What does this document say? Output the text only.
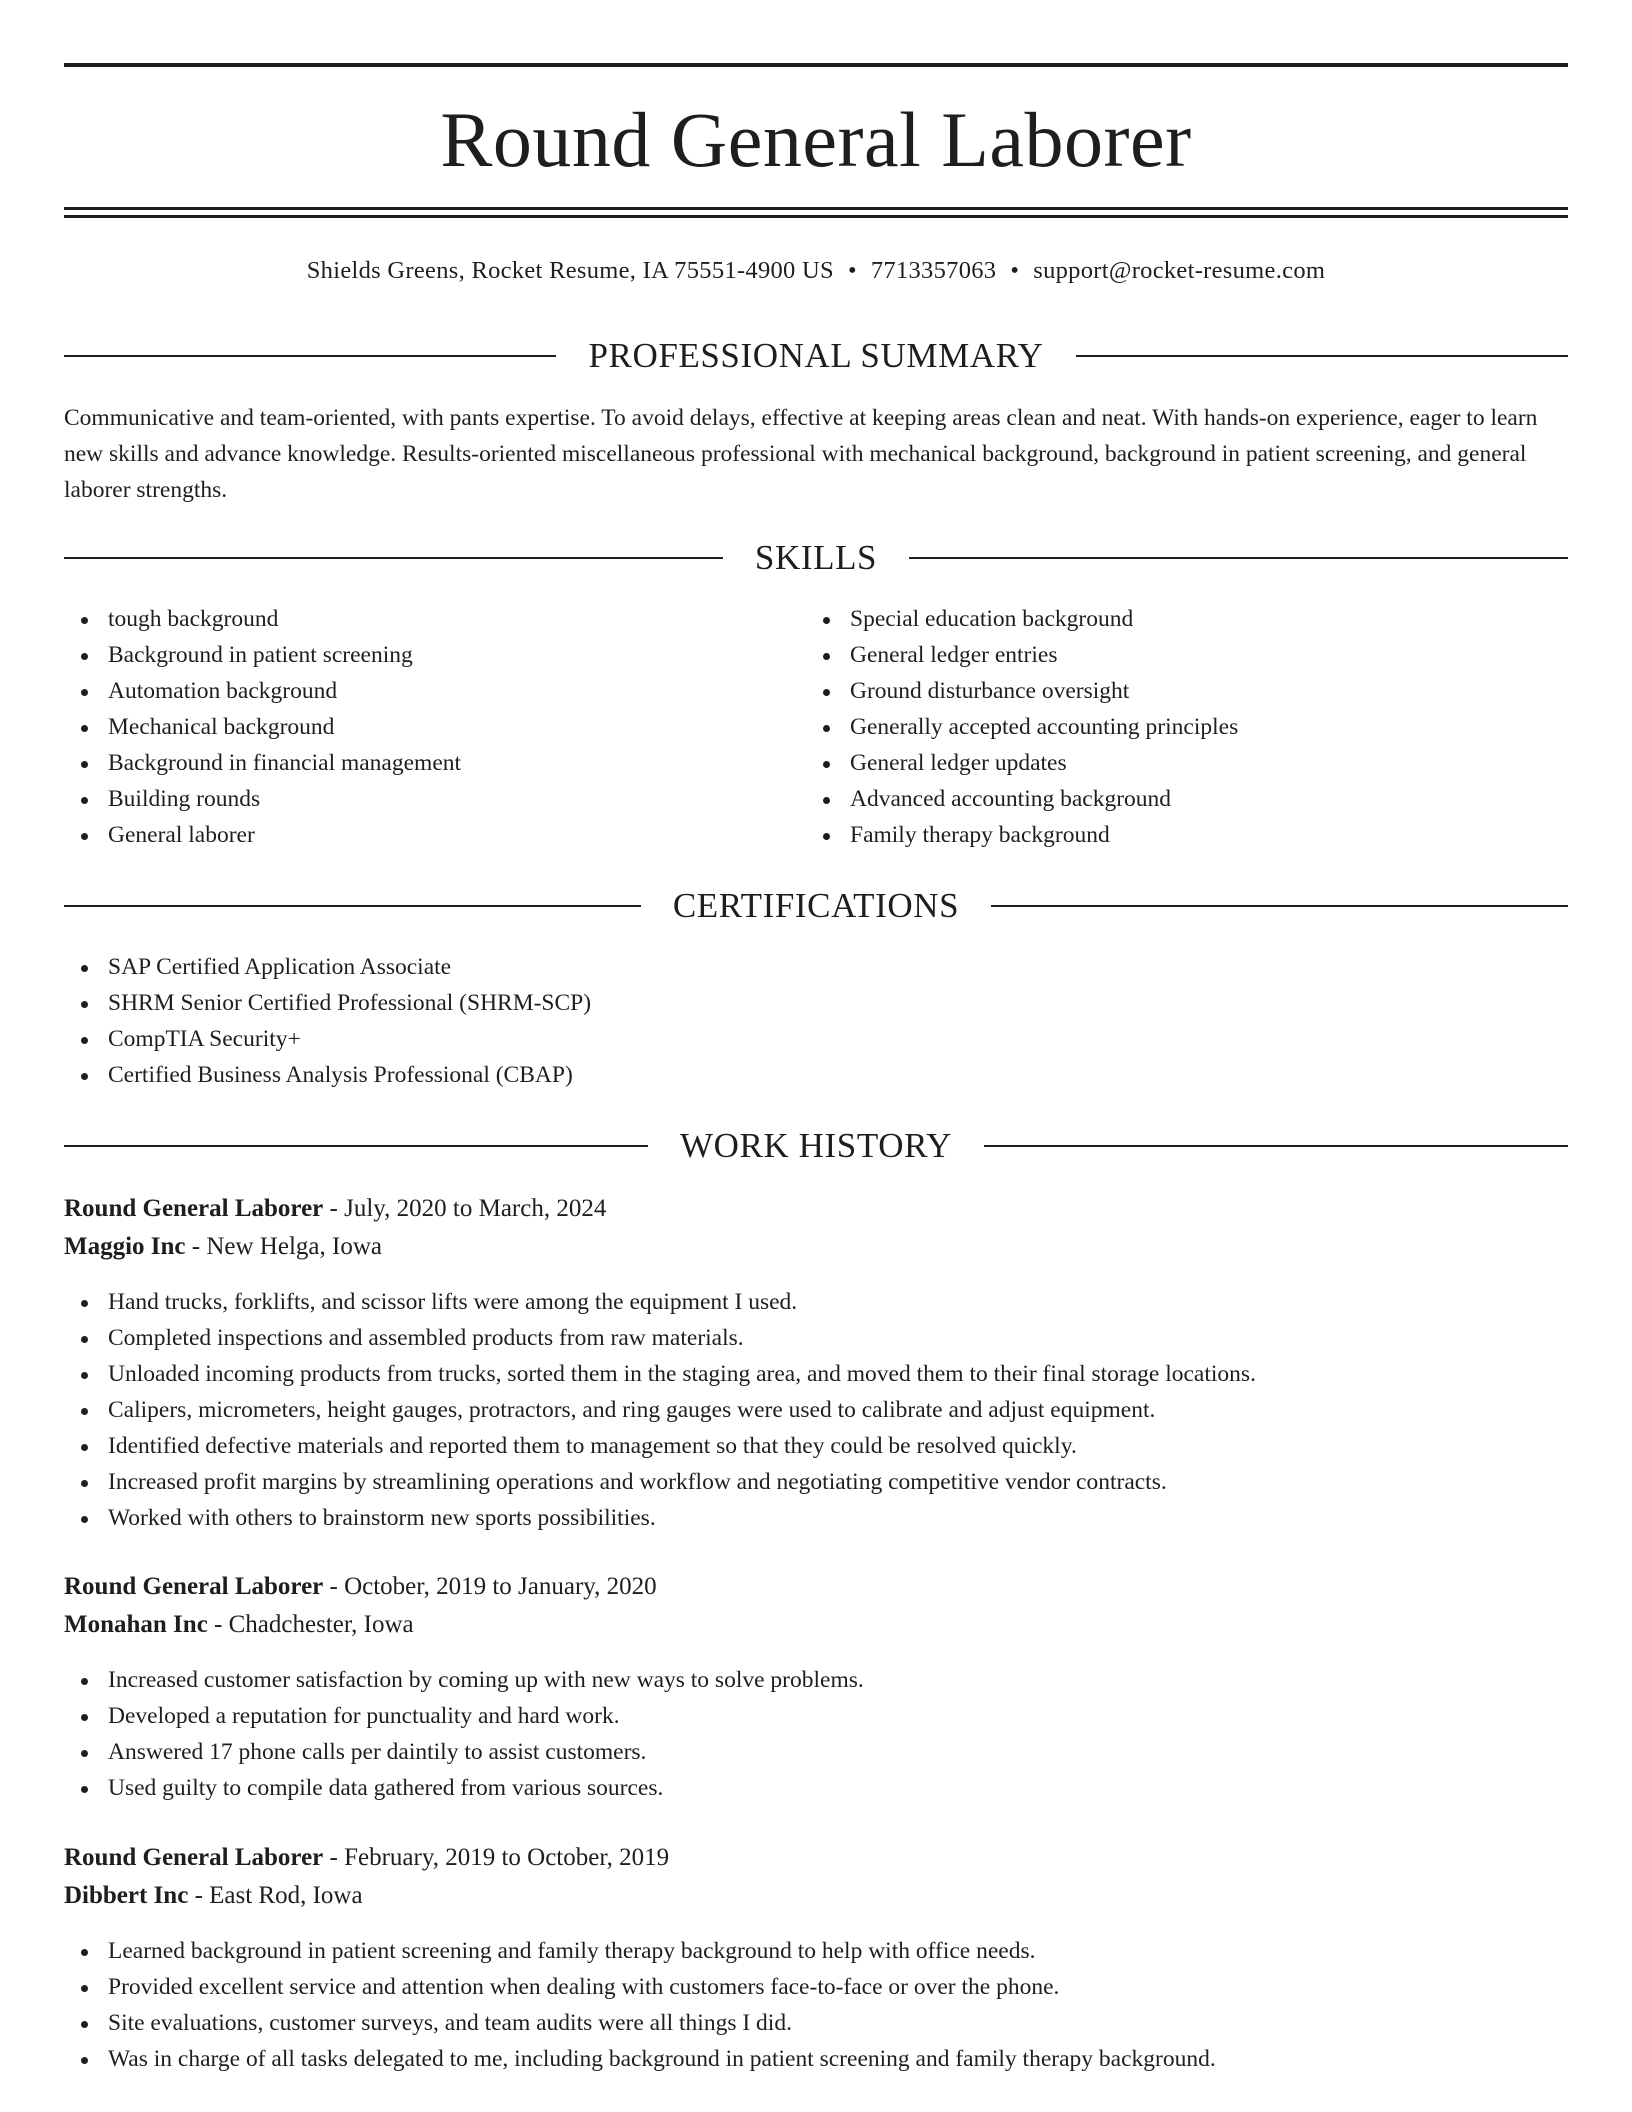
Round General Laborer
Shields Greens, Rocket Resume, IA 75551-4900 US • 7713357063 • support@rocket-resume.com
PROFESSIONAL SUMMARY

Communicative and team-oriented, with pants expertise. To avoid delays, effective at keeping areas clean and neat. With hands-on experience, eager to learn new skills and advance knowledge. Results-oriented miscellaneous professional with mechanical background, background in patient screening, and general laborer strengths.

SKILLS
tough background
Background in patient screening
Automation background
Mechanical background
Background in financial management
Building rounds
General laborer
Special education background
General ledger entries
Ground disturbance oversight
Generally accepted accounting principles
General ledger updates
Advanced accounting background
Family therapy background
CERTIFICATIONS
SAP Certified Application Associate
SHRM Senior Certified Professional (SHRM-SCP)
CompTIA Security+
Certified Business Analysis Professional (CBAP)
WORK HISTORY
Round General Laborer - July, 2020 to March, 2024
Maggio Inc - New Helga, Iowa
Hand trucks, forklifts, and scissor lifts were among the equipment I used.
Completed inspections and assembled products from raw materials.
Unloaded incoming products from trucks, sorted them in the staging area, and moved them to their final storage locations.
Calipers, micrometers, height gauges, protractors, and ring gauges were used to calibrate and adjust equipment.
Identified defective materials and reported them to management so that they could be resolved quickly.
Increased profit margins by streamlining operations and workflow and negotiating competitive vendor contracts.
Worked with others to brainstorm new sports possibilities.
Round General Laborer - October, 2019 to January, 2020
Monahan Inc - Chadchester, Iowa
Increased customer satisfaction by coming up with new ways to solve problems.
Developed a reputation for punctuality and hard work.
Answered 17 phone calls per daintily to assist customers.
Used guilty to compile data gathered from various sources.
Round General Laborer - February, 2019 to October, 2019
Dibbert Inc - East Rod, Iowa
Learned background in patient screening and family therapy background to help with office needs.
Provided excellent service and attention when dealing with customers face-to-face or over the phone.
Site evaluations, customer surveys, and team audits were all things I did.
Was in charge of all tasks delegated to me, including background in patient screening and family therapy background.
